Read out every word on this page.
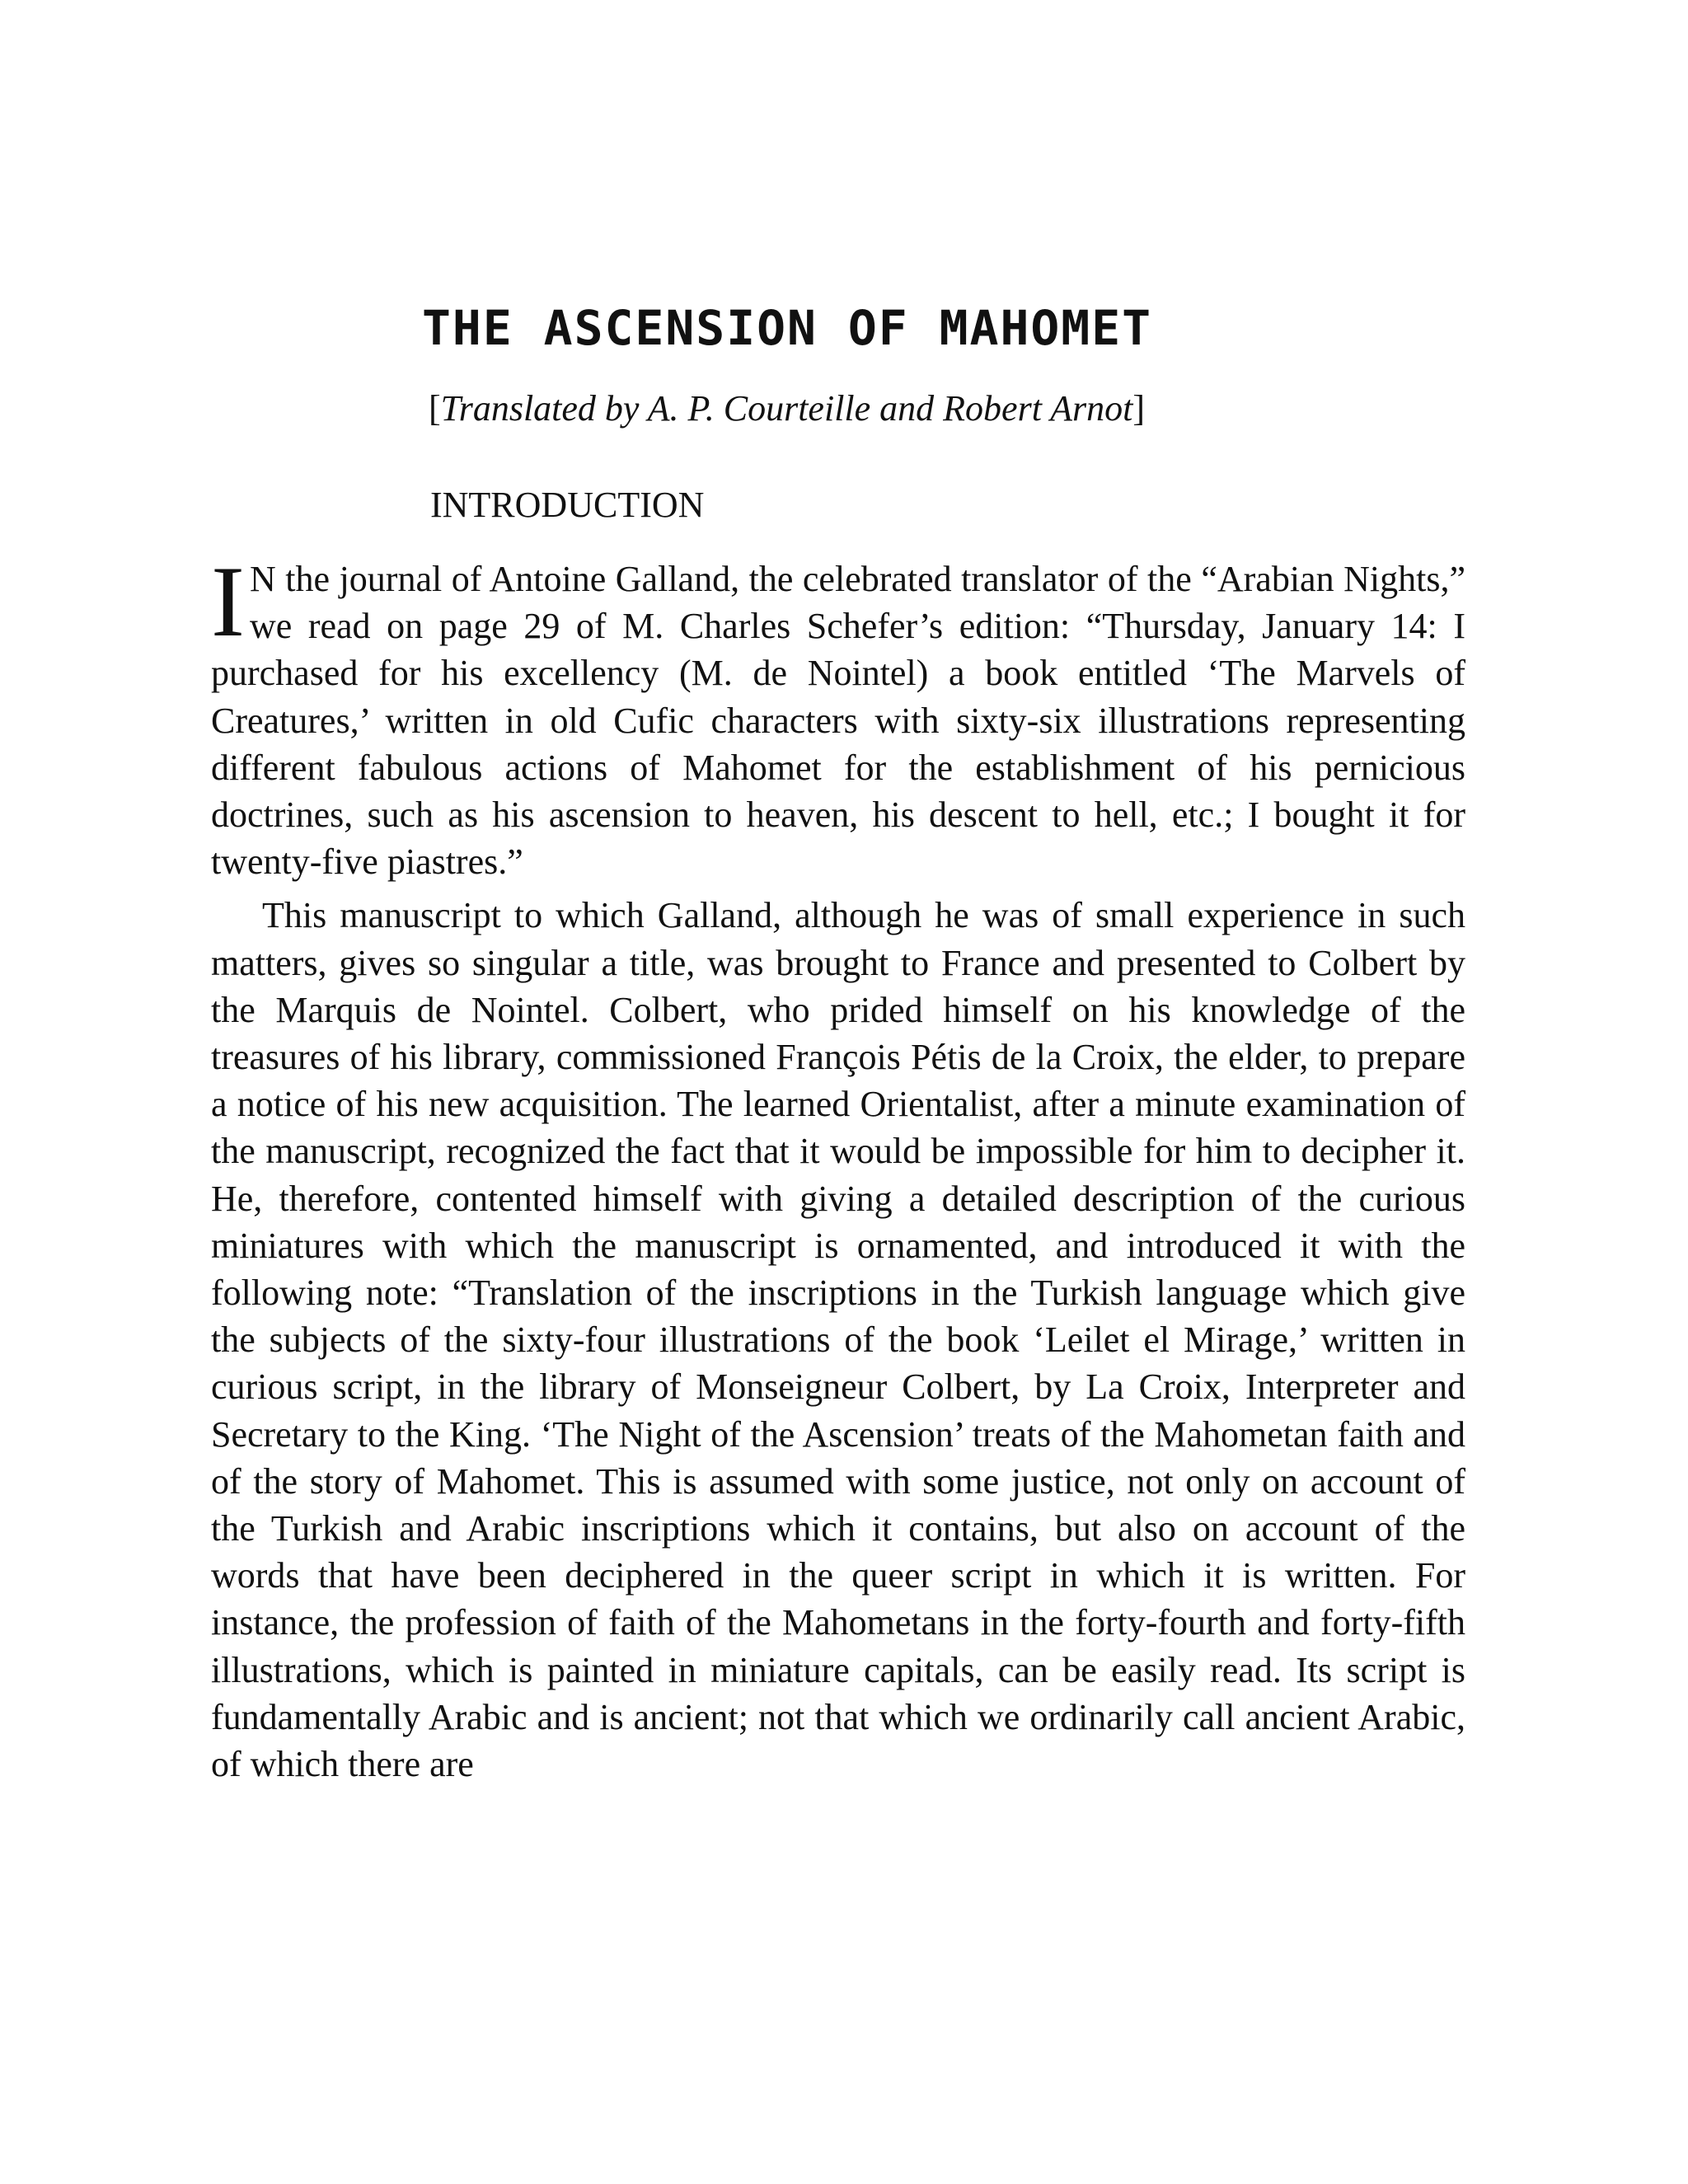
THE ASCENSION OF MAHOMET
[Translated by A. P. Courteille and Robert Arnot]
INTRODUCTION

I N the journal of Antoine Galland, the celebrated translator of the “Arabian Nights,” we read on page 29 of M. Charles Schefer’s edition: “Thursday, January 14: I purchased for his excellency (M. de Nointel) a book entitled ‘The Marvels of Creatures,’ written in old Cufic characters with sixty-six illustrations representing different fabulous actions of Mahomet for the establishment of his pernicious doctrines, such as his ascension to heaven, his descent to hell, etc.; I bought it for twenty-five piastres.”

This manuscript to which Galland, although he was of small experience in such matters, gives so singular a title, was brought to France and presented to Colbert by the Marquis de Nointel. Colbert, who prided himself on his knowledge of the treasures of his library, commissioned François Pétis de la Croix, the elder, to prepare a notice of his new acquisition. The learned Orientalist, after a minute examination of the manuscript, recognized the fact that it would be impossible for him to decipher it. He, therefore, contented himself with giving a detailed description of the curious miniatures with which the manuscript is ornamented, and introduced it with the following note: “Translation of the inscriptions in the Turkish language which give the subjects of the sixty-four illustrations of the book ‘Leilet el Mirage,’ written in curious script, in the library of Monseigneur Colbert, by La Croix, Interpreter and Secretary to the King. ‘The Night of the Ascension’ treats of the Mahometan faith and of the story of Mahomet. This is assumed with some justice, not only on account of the Turkish and Arabic inscriptions which it contains, but also on account of the words that have been deciphered in the queer script in which it is written. For instance, the profession of faith of the Mahometans in the forty-fourth and forty-fifth illustrations, which is painted in miniature capitals, can be easily read. Its script is fundamentally Arabic and is ancient; not that which we ordinarily call ancient Arabic, of which there are
